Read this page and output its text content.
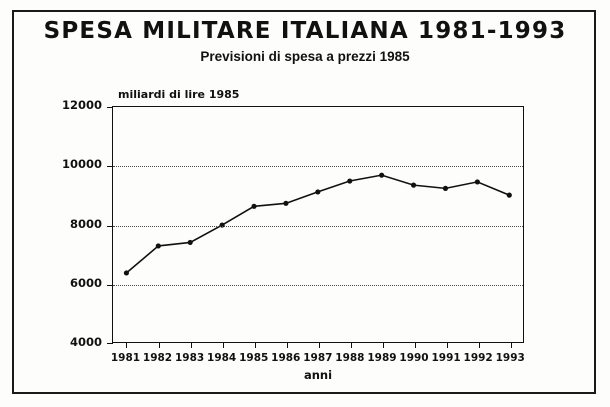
SPESA MILITARE ITALIANA 1981-1993
Previsioni di spesa a prezzi 1985
miliardi di lire 1985
anni
4000
6000
8000
10000
12000
1981 1982 1983 1984 1985 1986 1987 1988 1989 1990 1991 1992 1993
